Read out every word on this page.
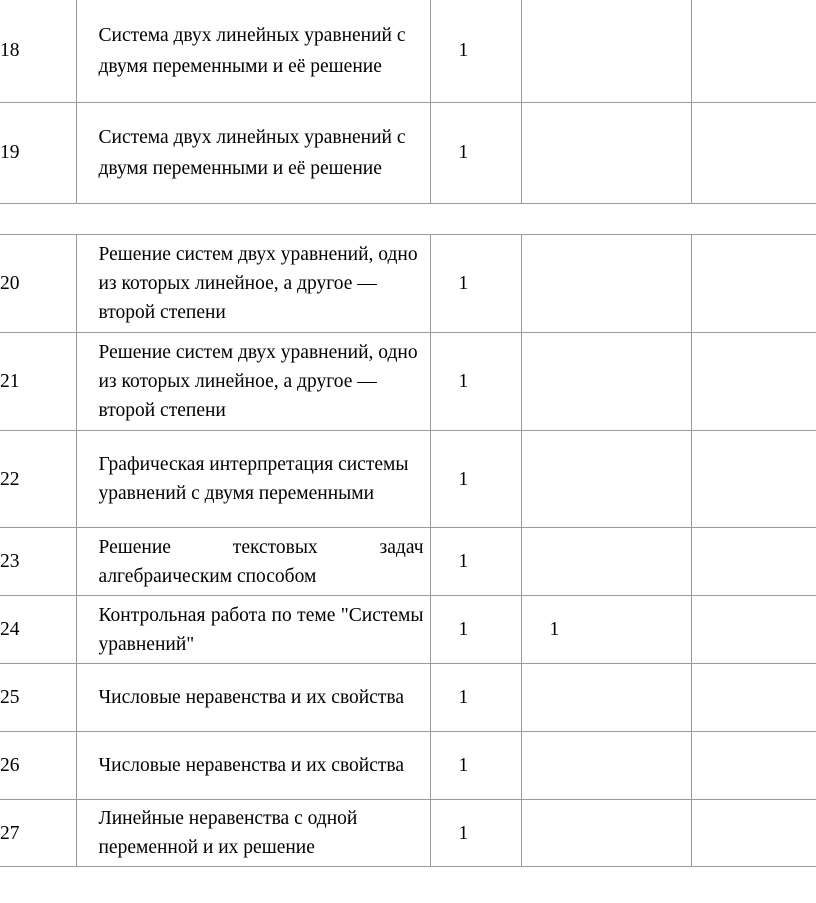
18	Система двух линейных уравнений с двумя переменными и её решение	1		
19	Система двух линейных уравнений с двумя переменными и её решение	1		
20	Решение систем двух уравнений, одно из которых линейное, а другое — второй степени	1		
21	Решение систем двух уравнений, одно из которых линейное, а другое — второй степени	1		
22	Графическая интерпретация системы уравнений с двумя переменными	1		
23	Решение текстовых задач алгебраическим способом	1		
24	Контрольная работа по теме "Системы уравнений"	1	1	
25	Числовые неравенства и их свойства	1		
26	Числовые неравенства и их свойства	1		
27	Линейные неравенства с одной переменной и их решение	1		
